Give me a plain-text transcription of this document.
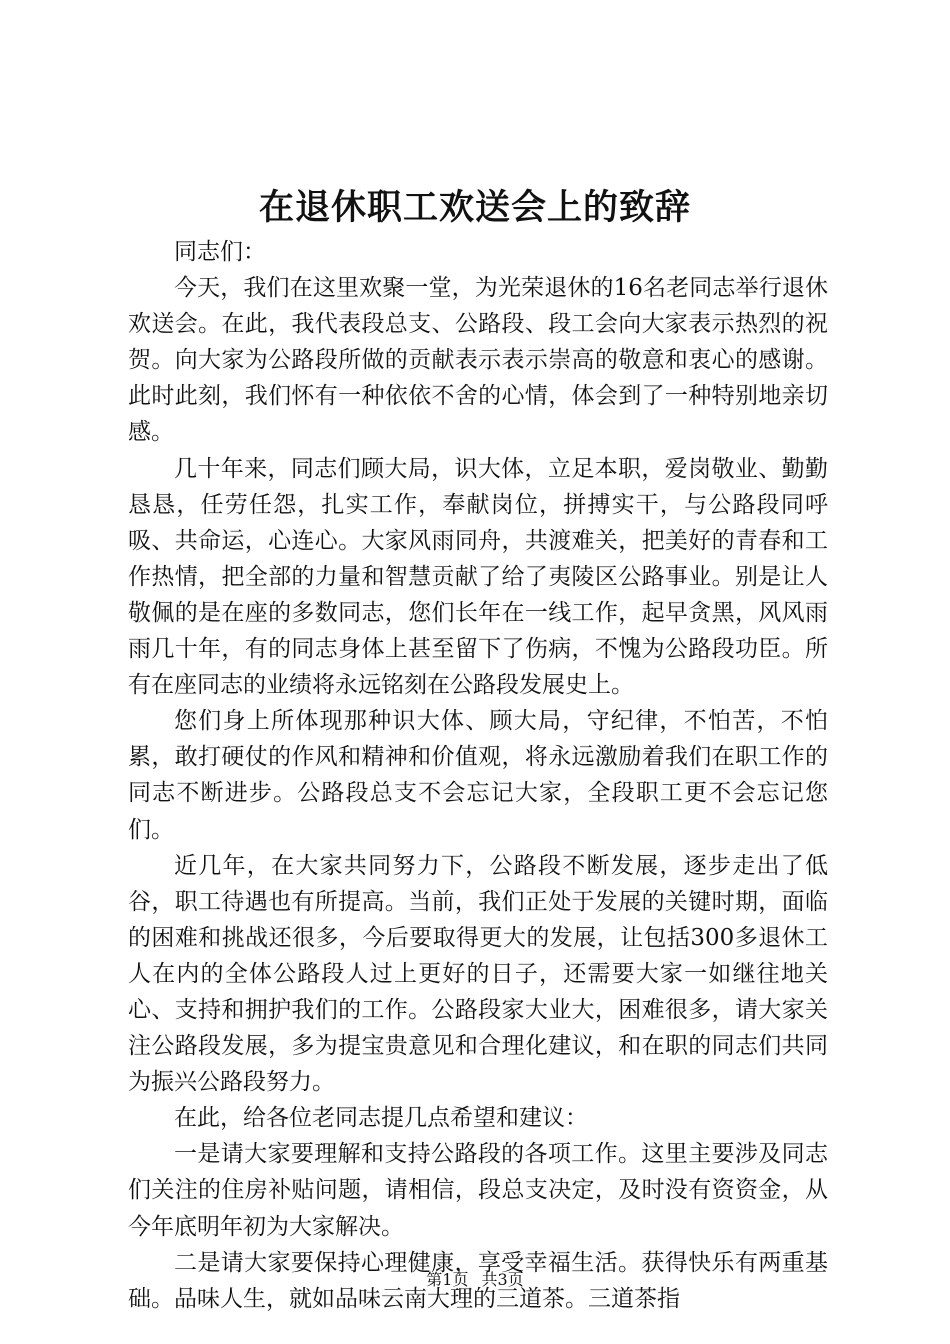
在退休职工欢送会上的致辞

同志们：

今天，我们在这里欢聚一堂，为光荣退休的16名老同志举行退休欢送会。在此，我代表段总支、公路段、段工会向大家表示热烈的祝贺。向大家为公路段所做的贡献表示表示崇高的敬意和衷心的感谢。此时此刻，我们怀有一种依依不舍的心情，体会到了一种特别地亲切感。

几十年来，同志们顾大局，识大体，立足本职，爱岗敬业、勤勤恳恳，任劳任怨，扎实工作，奉献岗位，拼搏实干，与公路段同呼吸、共命运，心连心。大家风雨同舟，共渡难关，把美好的青春和工作热情，把全部的力量和智慧贡献了给了夷陵区公路事业。别是让人敬佩的是在座的多数同志，您们长年在一线工作，起早贪黑，风风雨雨几十年，有的同志身体上甚至留下了伤病，不愧为公路段功臣。所有在座同志的业绩将永远铭刻在公路段发展史上。

您们身上所体现那种识大体、顾大局，守纪律，不怕苦，不怕累，敢打硬仗的作风和精神和价值观，将永远激励着我们在职工作的同志不断进步。公路段总支不会忘记大家，全段职工更不会忘记您们。

近几年，在大家共同努力下，公路段不断发展，逐步走出了低谷，职工待遇也有所提高。当前，我们正处于发展的关键时期，面临的困难和挑战还很多，今后要取得更大的发展，让包括300多退休工人在内的全体公路段人过上更好的日子，还需要大家一如继往地关心、支持和拥护我们的工作。公路段家大业大，困难很多，请大家关注公路段发展，多为提宝贵意见和合理化建议，和在职的同志们共同为振兴公路段努力。

在此，给各位老同志提几点希望和建议：

一是请大家要理解和支持公路段的各项工作。这里主要涉及同志们关注的住房补贴问题，请相信，段总支决定，及时没有资资金，从今年底明年初为大家解决。

二是请大家要保持心理健康，享受幸福生活。获得快乐有两重基础。品味人生，就如品味云南大理的三道茶。三道茶指

第1页 共3页
